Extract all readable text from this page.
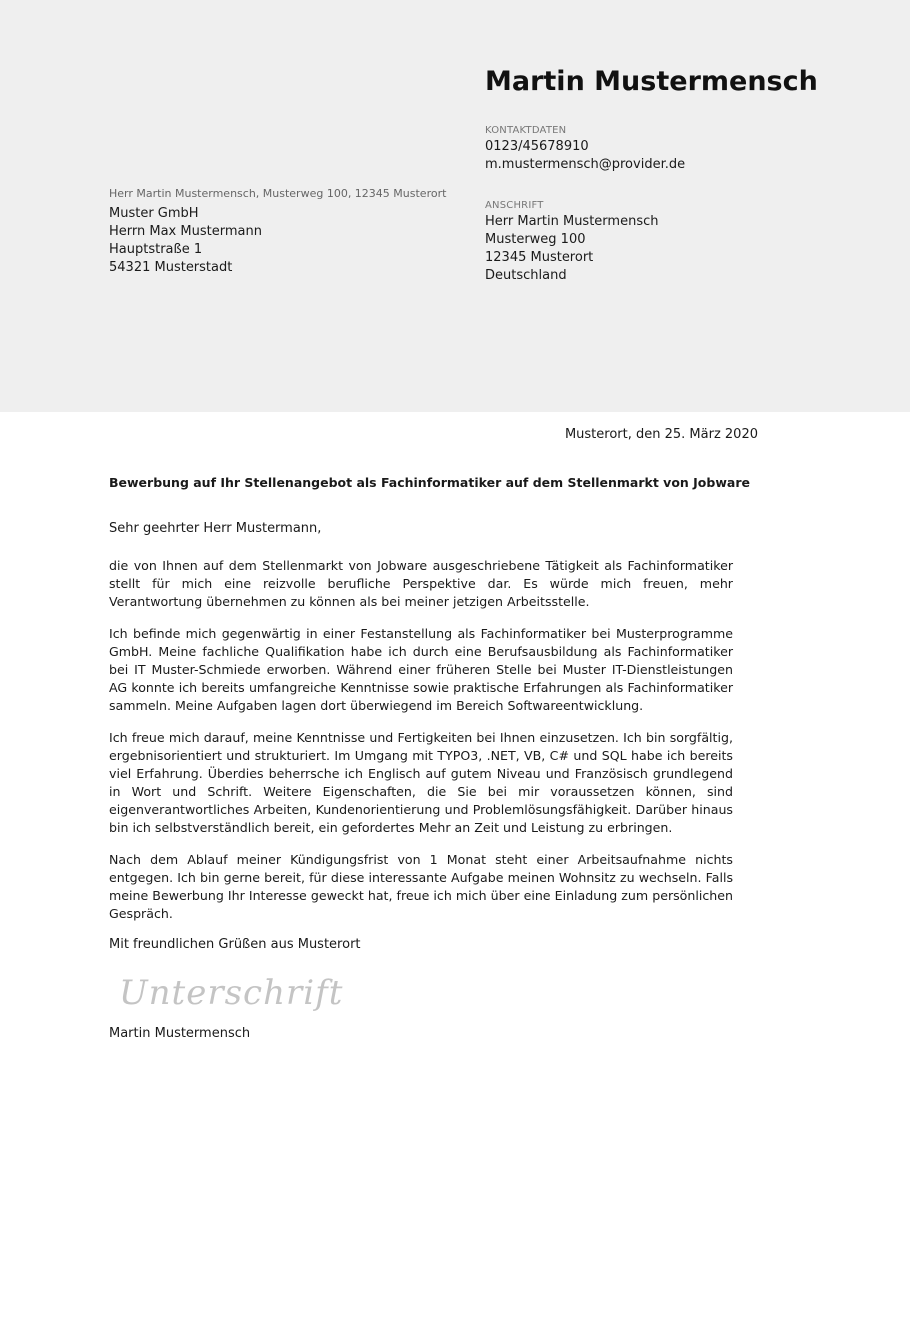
Martin Mustermensch
KONTAKTDATEN
0123/45678910
m.mustermensch@provider.de
ANSCHRIFT
Herr Martin Mustermensch
Musterweg 100
12345 Musterort
Deutschland
Herr Martin Mustermensch, Musterweg 100, 12345 Musterort
Muster GmbH
Herrn Max Mustermann
Hauptstraße 1
54321 Musterstadt
Musterort, den 25. März 2020
Bewerbung auf Ihr Stellenangebot als Fachinformatiker auf dem Stellenmarkt von Jobware
Sehr geehrter Herr Mustermann,

die von Ihnen auf dem Stellenmarkt von Jobware ausgeschriebene Tätigkeit als Fachinformatiker stellt für mich eine reizvolle berufliche Perspektive dar. Es würde mich freuen, mehr Verantwortung übernehmen zu können als bei meiner jetzigen Arbeitsstelle.

Ich befinde mich gegenwärtig in einer Festanstellung als Fachinformatiker bei Musterprogramme GmbH. Meine fachliche Qualifikation habe ich durch eine Berufsausbildung als Fachinformatiker bei IT Muster-Schmiede erworben. Während einer früheren Stelle bei Muster IT-Dienstleistungen AG konnte ich bereits umfangreiche Kenntnisse sowie praktische Erfahrungen als Fachinformatiker sammeln. Meine Aufgaben lagen dort überwiegend im Bereich Softwareentwicklung.

Ich freue mich darauf, meine Kenntnisse und Fertigkeiten bei Ihnen einzusetzen. Ich bin sorgfältig, ergebnisorientiert und strukturiert. Im Umgang mit TYPO3, .NET, VB, C# und SQL habe ich bereits viel Erfahrung. Überdies beherrsche ich Englisch auf gutem Niveau und Französisch grundlegend in Wort und Schrift. Weitere Eigenschaften, die Sie bei mir voraussetzen können, sind eigenverantwortliches Arbeiten, Kundenorientierung und Problemlösungsfähigkeit. Darüber hinaus bin ich selbstverständlich bereit, ein gefordertes Mehr an Zeit und Leistung zu erbringen.

Nach dem Ablauf meiner Kündigungsfrist von 1 Monat steht einer Arbeitsaufnahme nichts entgegen. Ich bin gerne bereit, für diese interessante Aufgabe meinen Wohnsitz zu wechseln. Falls meine Bewerbung Ihr Interesse geweckt hat, freue ich mich über eine Einladung zum persönlichen Gespräch.

Mit freundlichen Grüßen aus Musterort
Unterschrift
Martin Mustermensch
